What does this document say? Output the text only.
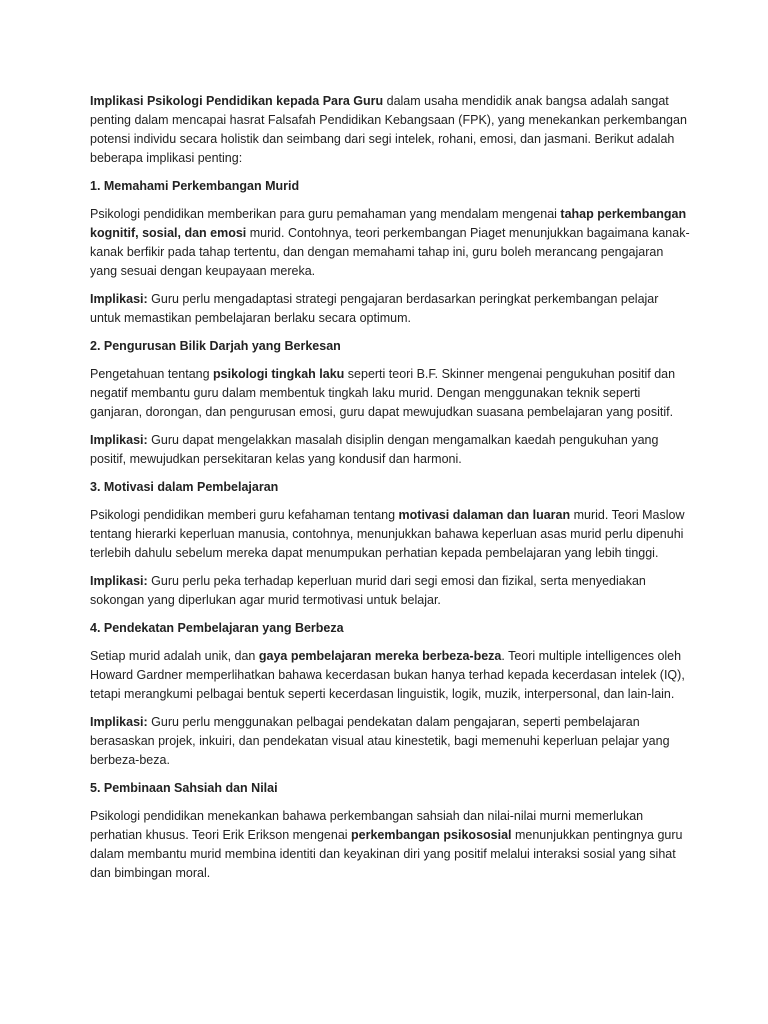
Implikasi Psikologi Pendidikan kepada Para Guru dalam usaha mendidik anak bangsa adalah sangat penting dalam mencapai hasrat Falsafah Pendidikan Kebangsaan (FPK), yang menekankan perkembangan potensi individu secara holistik dan seimbang dari segi intelek, rohani, emosi, dan jasmani. Berikut adalah beberapa implikasi penting:

1. Memahami Perkembangan Murid

Psikologi pendidikan memberikan para guru pemahaman yang mendalam mengenai tahap perkembangan kognitif, sosial, dan emosi murid. Contohnya, teori perkembangan Piaget menunjukkan bagaimana kanak-kanak berfikir pada tahap tertentu, dan dengan memahami tahap ini, guru boleh merancang pengajaran yang sesuai dengan keupayaan mereka.

Implikasi: Guru perlu mengadaptasi strategi pengajaran berdasarkan peringkat perkembangan pelajar untuk memastikan pembelajaran berlaku secara optimum.

2. Pengurusan Bilik Darjah yang Berkesan

Pengetahuan tentang psikologi tingkah laku seperti teori B.F. Skinner mengenai pengukuhan positif dan negatif membantu guru dalam membentuk tingkah laku murid. Dengan menggunakan teknik seperti ganjaran, dorongan, dan pengurusan emosi, guru dapat mewujudkan suasana pembelajaran yang positif.

Implikasi: Guru dapat mengelakkan masalah disiplin dengan mengamalkan kaedah pengukuhan yang positif, mewujudkan persekitaran kelas yang kondusif dan harmoni.

3. Motivasi dalam Pembelajaran

Psikologi pendidikan memberi guru kefahaman tentang motivasi dalaman dan luaran murid. Teori Maslow tentang hierarki keperluan manusia, contohnya, menunjukkan bahawa keperluan asas murid perlu dipenuhi terlebih dahulu sebelum mereka dapat menumpukan perhatian kepada pembelajaran yang lebih tinggi.

Implikasi: Guru perlu peka terhadap keperluan murid dari segi emosi dan fizikal, serta menyediakan sokongan yang diperlukan agar murid termotivasi untuk belajar.

4. Pendekatan Pembelajaran yang Berbeza

Setiap murid adalah unik, dan gaya pembelajaran mereka berbeza-beza. Teori multiple intelligences oleh Howard Gardner memperlihatkan bahawa kecerdasan bukan hanya terhad kepada kecerdasan intelek (IQ), tetapi merangkumi pelbagai bentuk seperti kecerdasan linguistik, logik, muzik, interpersonal, dan lain-lain.

Implikasi: Guru perlu menggunakan pelbagai pendekatan dalam pengajaran, seperti pembelajaran berasaskan projek, inkuiri, dan pendekatan visual atau kinestetik, bagi memenuhi keperluan pelajar yang berbeza-beza.

5. Pembinaan Sahsiah dan Nilai

Psikologi pendidikan menekankan bahawa perkembangan sahsiah dan nilai-nilai murni memerlukan perhatian khusus. Teori Erik Erikson mengenai perkembangan psikososial menunjukkan pentingnya guru dalam membantu murid membina identiti dan keyakinan diri yang positif melalui interaksi sosial yang sihat dan bimbingan moral.
